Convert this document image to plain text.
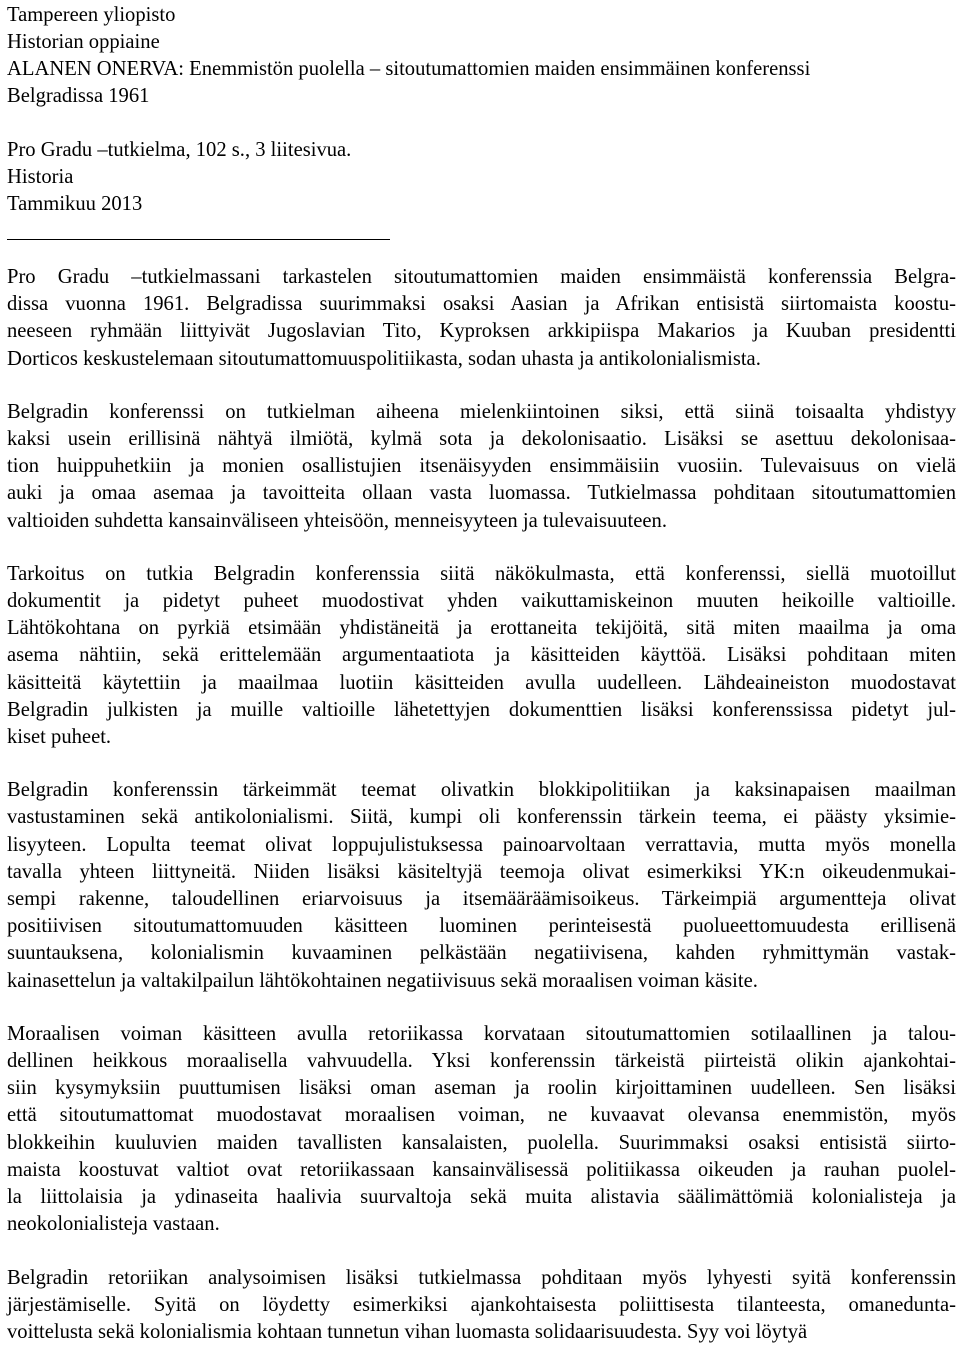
Tampereen yliopisto
Historian oppiaine
ALANEN ONERVA: Enemmistön puolella – sitoutumattomien maiden ensimmäinen konferenssi
Belgradissa 1961
Pro Gradu –tutkielma, 102 s., 3 liitesivua.
Historia
Tammikuu 2013

Pro Gradu –tutkielmassani tarkastelen sitoutumattomien maiden ensimmäistä konferenssia Belgra-
dissa vuonna 1961. Belgradissa suurimmaksi osaksi Aasian ja Afrikan entisistä siirtomaista koostu-
neeseen ryhmään liittyivät Jugoslavian Tito, Kyproksen arkkipiispa Makarios ja Kuuban presidentti
Dorticos keskustelemaan sitoutumattomuuspolitiikasta, sodan uhasta ja antikolonialismista.

Belgradin konferenssi on tutkielman aiheena mielenkiintoinen siksi, että siinä toisaalta yhdistyy
kaksi usein erillisinä nähtyä ilmiötä, kylmä sota ja dekolonisaatio. Lisäksi se asettuu dekolonisaa-
tion huippuhetkiin ja monien osallistujien itsenäisyyden ensimmäisiin vuosiin. Tulevaisuus on vielä
auki ja omaa asemaa ja tavoitteita ollaan vasta luomassa. Tutkielmassa pohditaan sitoutumattomien
valtioiden suhdetta kansainväliseen yhteisöön, menneisyyteen ja tulevaisuuteen.

Tarkoitus on tutkia Belgradin konferenssia siitä näkökulmasta, että konferenssi, siellä muotoillut
dokumentit ja pidetyt puheet muodostivat yhden vaikuttamiskeinon muuten heikoille valtioille.
Lähtökohtana on pyrkiä etsimään yhdistäneitä ja erottaneita tekijöitä, sitä miten maailma ja oma
asema nähtiin, sekä erittelemään argumentaatiota ja käsitteiden käyttöä. Lisäksi pohditaan miten
käsitteitä käytettiin ja maailmaa luotiin käsitteiden avulla uudelleen. Lähdeaineiston muodostavat
Belgradin julkisten ja muille valtioille lähetettyjen dokumenttien lisäksi konferenssissa pidetyt jul-
kiset puheet.

Belgradin konferenssin tärkeimmät teemat olivatkin blokkipolitiikan ja kaksinapaisen maailman
vastustaminen sekä antikolonialismi. Siitä, kumpi oli konferenssin tärkein teema, ei päästy yksimie-
lisyyteen. Lopulta teemat olivat loppujulistuksessa painoarvoltaan verrattavia, mutta myös monella
tavalla yhteen liittyneitä. Niiden lisäksi käsiteltyjä teemoja olivat esimerkiksi YK:n oikeudenmukai-
sempi rakenne, taloudellinen eriarvoisuus ja itsemääräämisoikeus. Tärkeimpiä argumentteja olivat
positiivisen sitoutumattomuuden käsitteen luominen perinteisestä puolueettomuudesta erillisenä
suuntauksena, kolonialismin kuvaaminen pelkästään negatiivisena, kahden ryhmittymän vastak-
kainasettelun ja valtakilpailun lähtökohtainen negatiivisuus sekä moraalisen voiman käsite.

Moraalisen voiman käsitteen avulla retoriikassa korvataan sitoutumattomien sotilaallinen ja talou-
dellinen heikkous moraalisella vahvuudella. Yksi konferenssin tärkeistä piirteistä olikin ajankohtai-
siin kysymyksiin puuttumisen lisäksi oman aseman ja roolin kirjoittaminen uudelleen. Sen lisäksi
että sitoutumattomat muodostavat moraalisen voiman, ne kuvaavat olevansa enemmistön, myös
blokkeihin kuuluvien maiden tavallisten kansalaisten, puolella. Suurimmaksi osaksi entisistä siirto-
maista koostuvat valtiot ovat retoriikassaan kansainvälisessä politiikassa oikeuden ja rauhan puolel-
la liittolaisia ja ydinaseita haalivia suurvaltoja sekä muita alistavia säälimättömiä kolonialisteja ja
neokolonialisteja vastaan.

Belgradin retoriikan analysoimisen lisäksi tutkielmassa pohditaan myös lyhyesti syitä konferenssin
järjestämiselle. Syitä on löydetty esimerkiksi ajankohtaisesta poliittisesta tilanteesta, omanedunta-
voittelusta sekä kolonialismia kohtaan tunnetun vihan luomasta solidaarisuudesta. Syy voi löytyä
